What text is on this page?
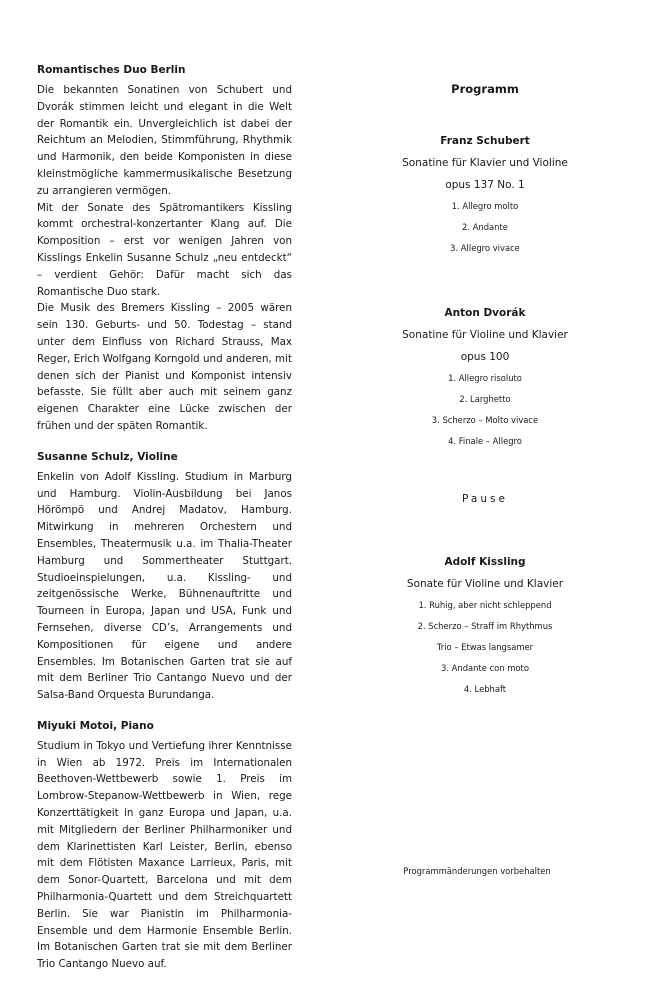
Romantisches Duo Berlin

Die bekannten Sonatinen von Schubert und Dvorák stimmen leicht und elegant in die Welt der Romantik ein. Unvergleichlich ist dabei der Reichtum an Melodien, Stimmführung, Rhythmik und Harmonik, den beide Komponisten in diese kleinstmögliche kammermusikalische Besetzung zu arrangieren vermögen.

Mit der Sonate des Spätromantikers Kissling kommt orchestral-konzertanter Klang auf. Die Komposition – erst vor wenigen Jahren von Kisslings Enkelin Susanne Schulz „neu entdeckt“ – verdient Gehör: Dafür macht sich das Romantische Duo stark.

Die Musik des Bremers Kissling – 2005 wären sein 130. Geburts- und 50. Todestag – stand unter dem Einfluss von Richard Strauss, Max Reger, Erich Wolfgang Korngold und anderen, mit denen sich der Pianist und Komponist intensiv befasste. Sie füllt aber auch mit seinem ganz eigenen Charakter eine Lücke zwischen der frühen und der späten Romantik.

Susanne Schulz, Violine

Enkelin von Adolf Kissling. Studium in Marburg und Hamburg. Violin-Ausbildung bei Janos Hörömpö und Andrej Madatov, Hamburg. Mitwirkung in mehreren Orchestern und Ensembles, Theatermusik u.a. im Thalia-Theater Hamburg und Sommertheater Stuttgart. Studioeinspielungen, u.a. Kissling- und zeitgenössische Werke, Bühnenauftritte und Tourneen in Europa, Japan und USA, Funk und Fernsehen, diverse CD’s, Arrangements und Kompositionen für eigene und andere Ensembles. Im Botanischen Garten trat sie auf mit dem Berliner Trio Cantango Nuevo und der Salsa-Band Orquesta Burundanga.

Miyuki Motoi, Piano

Studium in Tokyo und Vertiefung ihrer Kenntnisse in Wien ab 1972. Preis im Internationalen Beethoven-Wettbewerb sowie 1. Preis im Lombrow-Stepanow-Wettbewerb in Wien, rege Konzerttätigkeit in ganz Europa und Japan, u.a. mit Mitgliedern der Berliner Philharmoniker und dem Klarinettisten Karl Leister, Berlin, ebenso mit dem Flötisten Maxance Larrieux, Paris, mit dem Sonor-Quartett, Barcelona und mit dem Philharmonia-Quartett und dem Streichquartett Berlin. Sie war Pianistin im Philharmonia-Ensemble und dem Harmonie Ensemble Berlin. Im Botanischen Garten trat sie mit dem Berliner Trio Cantango Nuevo auf.

Programm
Franz Schubert
Sonatine für Klavier und Violine
opus 137 No. 1
1. Allegro molto
2. Andante
3. Allegro vivace
Anton Dvorák
Sonatine für Violine und Klavier
opus 100
1. Allegro risoluto
2. Larghetto
3. Scherzo – Molto vivace
4. Finale – Allegro
Pause
Adolf Kissling
Sonate für Violine und Klavier
1. Ruhig, aber nicht schleppend
2. Scherzo – Straff im Rhythmus
Trio – Etwas langsamer
3. Andante con moto
4. Lebhaft
Programmänderungen vorbehalten
